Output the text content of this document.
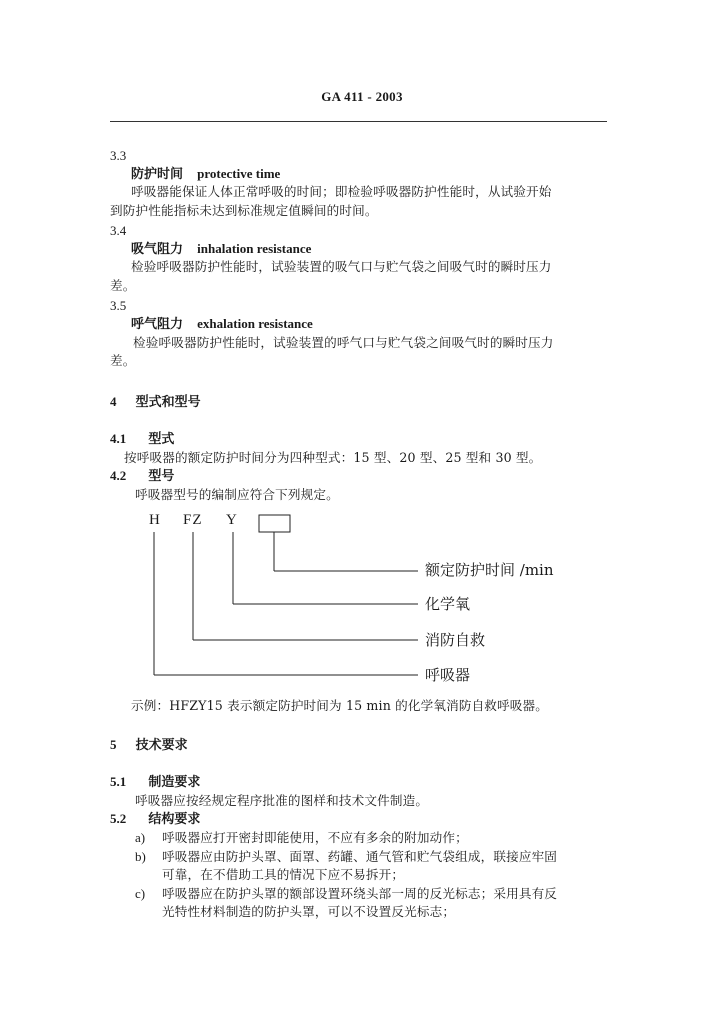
GA 411 - 2003
3.3
防护时间 protective time
呼吸器能保证人体正常呼吸的时间；即检验呼吸器防护性能时，从试验开始
到防护性能指标未达到标准规定值瞬间的时间。
3.4
吸气阻力 inhalation resistance
检验呼吸器防护性能时，试验装置的吸气口与贮气袋之间吸气时的瞬时压力
差。
3.5
呼气阻力 exhalation resistance
检验呼吸器防护性能时，试验装置的呼气口与贮气袋之间吸气时的瞬时压力
差。
4 型式和型号
4.1 型式
按呼吸器的额定防护时间分为四种型式：15 型、20 型、25 型和 30 型。
4.2 型号
呼吸器型号的编制应符合下列规定。
H FZ Y
额定防护时间 /min
化学氧
消防自救
呼吸器
示例：HFZY15 表示额定防护时间为 15 min 的化学氧消防自救呼吸器。
5 技术要求
5.1 制造要求
呼吸器应按经规定程序批准的图样和技术文件制造。
5.2 结构要求
a) 呼吸器应打开密封即能使用，不应有多余的附加动作；
b) 呼吸器应由防护头罩、面罩、药罐、通气管和贮气袋组成，联接应牢固
可靠，在不借助工具的情况下应不易拆开；
c) 呼吸器应在防护头罩的额部设置环绕头部一周的反光标志；采用具有反
光特性材料制造的防护头罩，可以不设置反光标志；
